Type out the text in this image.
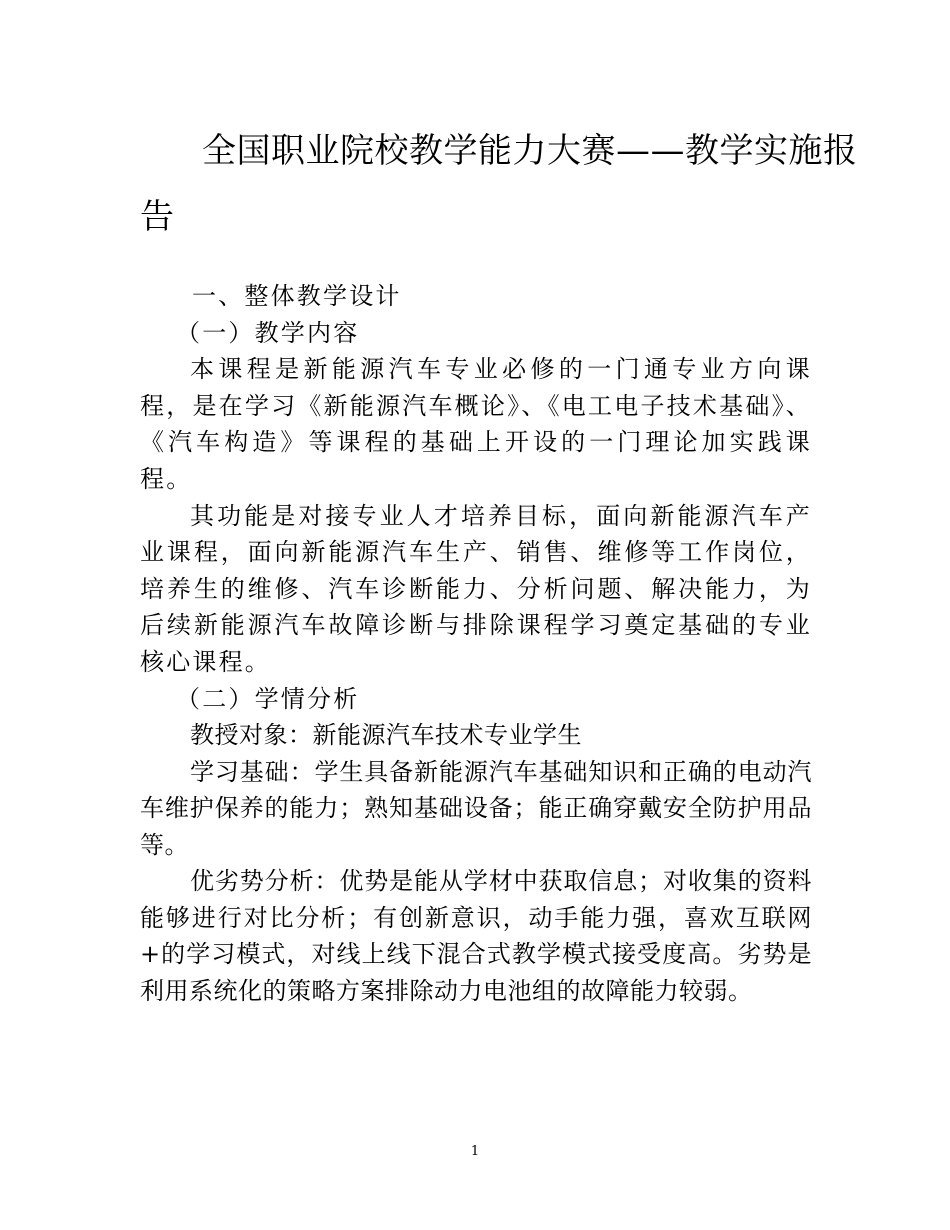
全国职业院校教学能力大赛——教学实施报
告

一、整体教学设计

（一）教学内容

本课程是新能源汽车专业必修的一门通专业方向课程，是在学习《新能源汽车概论》、《电工电子技术基础》、《汽车构造》等课程的基础上开设的一门理论加实践课程。

其功能是对接专业人才培养目标，面向新能源汽车产业课程，面向新能源汽车生产、销售、维修等工作岗位，培养生的维修、汽车诊断能力、分析问题、解决能力，为后续新能源汽车故障诊断与排除课程学习奠定基础的专业核心课程。

（二）学情分析

教授对象：新能源汽车技术专业学生

学习基础：学生具备新能源汽车基础知识和正确的电动汽车维护保养的能力；熟知基础设备；能正确穿戴安全防护用品等。

优劣势分析：优势是能从学材中获取信息；对收集的资料能够进行对比分析；有创新意识，动手能力强，喜欢互联网+的学习模式，对线上线下混合式教学模式接受度高。劣势是利用系统化的策略方案排除动力电池组的故障能力较弱。

1
